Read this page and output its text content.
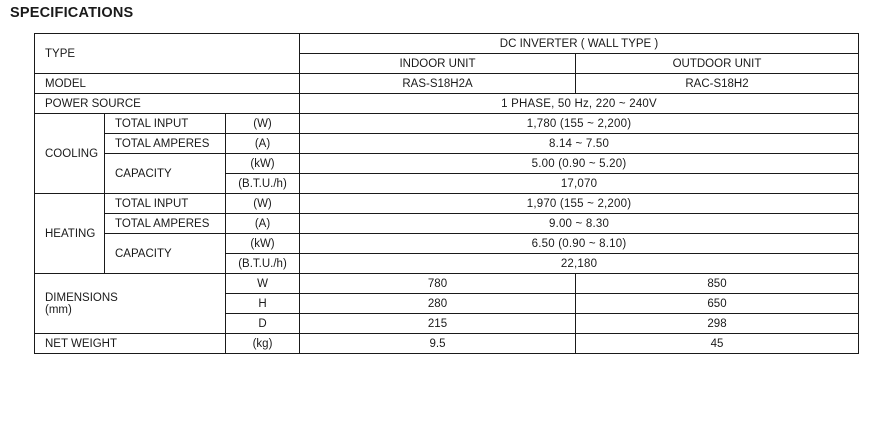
SPECIFICATIONS
TYPE			DC INVERTER ( WALL TYPE )	
			INDOOR UNIT	OUTDOOR UNIT
MODEL			RAS-S18H2A	RAC-S18H2
POWER SOURCE			1 PHASE, 50 Hz, 220 ~ 240V	
COOLING	TOTAL INPUT	(W)	1,780 (155 ~ 2,200)	
	TOTAL AMPERES	(A)	8.14 ~ 7.50	
	CAPACITY	(kW)	5.00 (0.90 ~ 5.20)	
		(B.T.U./h)	17,070	
HEATING	TOTAL INPUT	(W)	1,970 (155 ~ 2,200)	
	TOTAL AMPERES	(A)	9.00 ~ 8.30	
	CAPACITY	(kW)	6.50 (0.90 ~ 8.10)	
		(B.T.U./h)	22,180	

DIMENSIONS
(mm)		W	780	850
		H	280	650
		D	215	298
NET WEIGHT		(kg)	9.5	45
